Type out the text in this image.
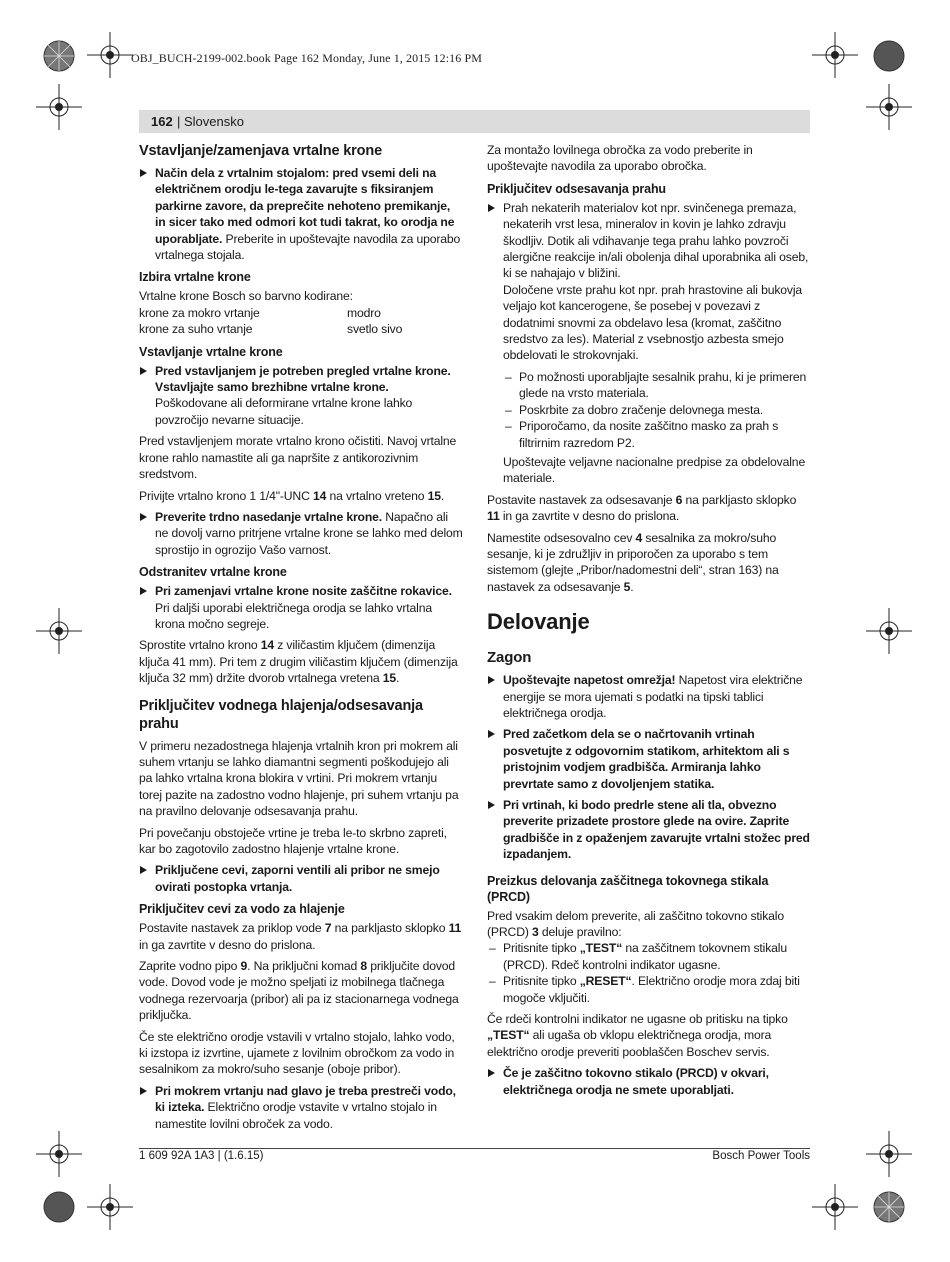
OBJ_BUCH-2199-002.book Page 162 Monday, June 1, 2015 12:16 PM
162 | Slovensko
Vstavljanje/zamenjava vrtalne krone
Način dela z vrtalnim stojalom: pred vsemi deli na električnem orodju le-tega zavarujte s fiksiranjem parkirne zavore, da preprečite nehoteno premikanje, in sicer tako med odmori kot tudi takrat, ko orodja ne uporabljate. Preberite in upoštevajte navodila za uporabo vrtalnega stojala.
Izbira vrtalne krone

Vrtalne krone Bosch so barvno kodirane:

krone za mokro vrtanje	modro
krone za suho vrtanje	svetlo sivo
Vstavljanje vrtalne krone
Pred vstavljanjem je potreben pregled vrtalne krone. Vstavljajte samo brezhibne vrtalne krone. Poškodovane ali deformirane vrtalne krone lahko povzročijo nevarne situacije.

Pred vstavljenjem morate vrtalno krono očistiti. Navoj vrtalne krone rahlo namastite ali ga napršite z antikorozivnim sredstvom.

Privijte vrtalno krono 1 1/4"-UNC 14 na vrtalno vreteno 15.

Preverite trdno nasedanje vrtalne krone. Napačno ali ne dovolj varno pritrjene vrtalne krone se lahko med delom sprostijo in ogrozijo Vašo varnost.
Odstranitev vrtalne krone
Pri zamenjavi vrtalne krone nosite zaščitne rokavice. Pri daljši uporabi električnega orodja se lahko vrtalna krona močno segreje.

Sprostite vrtalno krono 14 z viličastim ključem (dimenzija ključa 41 mm). Pri tem z drugim viličastim ključem (dimenzija ključa 32 mm) držite dvorob vrtalnega vretena 15.

Priključitev vodnega hlajenja/odsesavanja prahu

V primeru nezadostnega hlajenja vrtalnih kron pri mokrem ali suhem vrtanju se lahko diamantni segmenti poškodujejo ali pa lahko vrtalna krona blokira v vrtini. Pri mokrem vrtanju torej pazite na zadostno vodno hlajenje, pri suhem vrtanju pa na pravilno delovanje odsesavanja prahu.

Pri povečanju obstoječe vrtine je treba le-to skrbno zapreti, kar bo zagotovilo zadostno hlajenje vrtalne krone.

Priključene cevi, zaporni ventili ali pribor ne smejo ovirati postopka vrtanja.
Priključitev cevi za vodo za hlajenje

Postavite nastavek za priklop vode 7 na parkljasto sklopko 11 in ga zavrtite v desno do prislona.

Zaprite vodno pipo 9. Na priključni komad 8 priključite dovod vode. Dovod vode je možno speljati iz mobilnega tlačnega vodnega rezervoarja (pribor) ali pa iz stacionarnega vodnega priključka.

Če ste električno orodje vstavili v vrtalno stojalo, lahko vodo, ki izstopa iz izvrtine, ujamete z lovilnim obročkom za vodo in sesalnikom za mokro/suho sesanje (oboje pribor).

Pri mokrem vrtanju nad glavo je treba prestreči vodo, ki izteka. Električno orodje vstavite v vrtalno stojalo in namestite lovilni obroček za vodo.

Za montažo lovilnega obročka za vodo preberite in upoštevajte navodila za uporabo obročka.

Priključitev odsesavanja prahu
Prah nekaterih materialov kot npr. svinčenega premaza, nekaterih vrst lesa, mineralov in kovin je lahko zdravju škodljiv. Dotik ali vdihavanje tega prahu lahko povzroči alergične reakcije in/ali obolenja dihal uporabnika ali oseb, ki se nahajajo v bližini.

Določene vrste prahu kot npr. prah hrastovine ali bukovja veljajo kot kancerogene, še posebej v povezavi z dodatnimi snovmi za obdelavo lesa (kromat, zaščitno sredstvo za les). Material z vsebnostjo azbesta smejo obdelovati le strokovnjaki.

– Po možnosti uporabljajte sesalnik prahu, ki je primeren glede na vrsto materiala.
– Poskrbite za dobro zračenje delovnega mesta.
– Priporočamo, da nosite zaščitno masko za prah s filtrirnim razredom P2.

Upoštevajte veljavne nacionalne predpise za obdelovalne materiale.

Postavite nastavek za odsesavanje 6 na parkljasto sklopko 11 in ga zavrtite v desno do prislona.

Namestite odsesovalno cev 4 sesalnika za mokro/suho sesanje, ki je združljiv in priporočen za uporabo s tem sistemom (glejte „Pribor/nadomestni deli“, stran 163) na nastavek za odsesavanje 5.

Delovanje
Zagon
Upoštevajte napetost omrežja! Napetost vira električne energije se mora ujemati s podatki na tipski tablici električnega orodja.
Pred začetkom dela se o načrtovanih vrtinah posvetujte z odgovornim statikom, arhitektom ali s pristojnim vodjem gradbišča. Armiranja lahko prevrtate samo z dovoljenjem statika.
Pri vrtinah, ki bodo predrle stene ali tla, obvezno preverite prizadete prostore glede na ovire. Zaprite gradbišče in z opaženjem zavarujte vrtalni stožec pred izpadanjem.
Preizkus delovanja zaščitnega tokovnega stikala (PRCD)

Pred vsakim delom preverite, ali zaščitno tokovno stikalo (PRCD) 3 deluje pravilno:

– Pritisnite tipko „TEST“ na zaščitnem tokovnem stikalu (PRCD). Rdeč kontrolni indikator ugasne.
– Pritisnite tipko „RESET“. Električno orodje mora zdaj biti mogoče vključiti.

Če rdeči kontrolni indikator ne ugasne ob pritisku na tipko „TEST“ ali ugaša ob vklopu električnega orodja, mora električno orodje preveriti pooblaščen Boschev servis.

Če je zaščitno tokovno stikalo (PRCD) v okvari, električnega orodja ne smete uporabljati.
1 609 92A 1A3 | (1.6.15)	Bosch Power Tools
